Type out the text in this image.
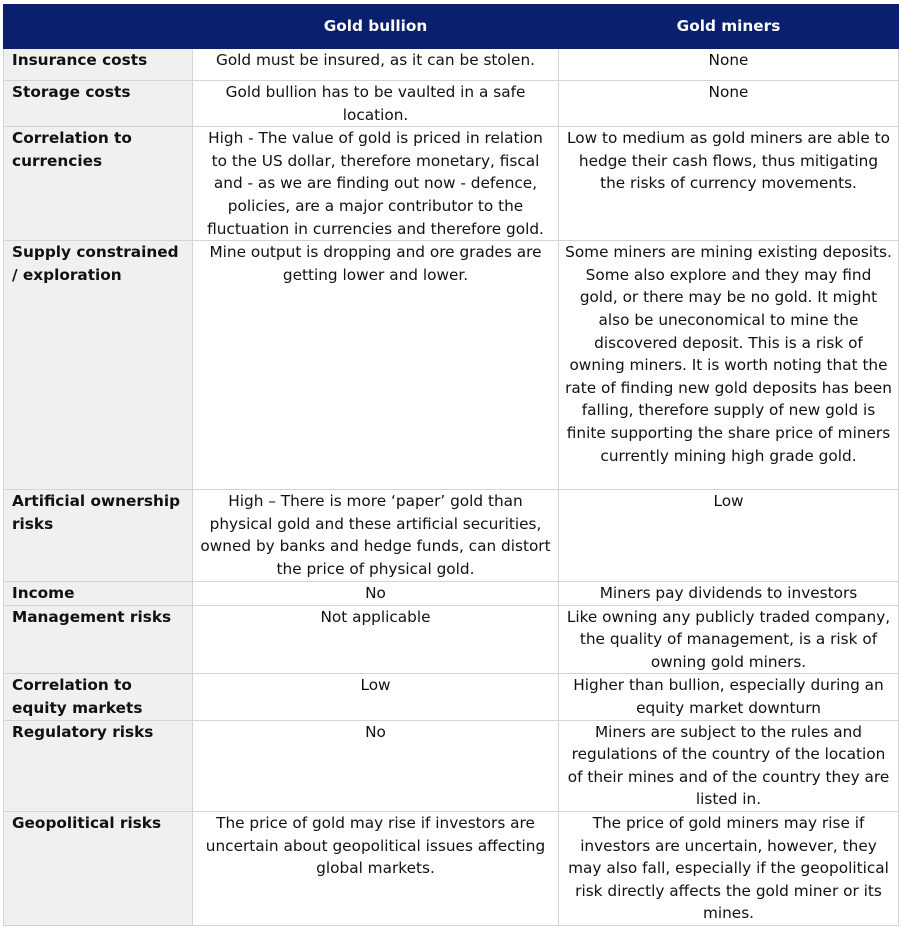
	Gold bullion	Gold miners
Insurance costs	Gold must be insured, as it can be stolen.	None
Storage costs	Gold bullion has to be vaulted in a safe location.	None
Correlation to currencies	High - The value of gold is priced in relation to the US dollar, therefore monetary, fiscal and - as we are finding out now - defence, policies, are a major contributor to the fluctuation in currencies and therefore gold.	Low to medium as gold miners are able to hedge their cash flows, thus mitigating the risks of currency movements.
Supply constrained / exploration	Mine output is dropping and ore grades are getting lower and lower.	Some miners are mining existing deposits. Some also explore and they may find gold, or there may be no gold. It might also be uneconomical to mine the discovered deposit. This is a risk of owning miners. It is worth noting that the rate of finding new gold deposits has been falling, therefore supply of new gold is finite supporting the share price of miners currently mining high grade gold.
Artificial ownership risks	High – There is more ‘paper’ gold than physical gold and these artificial securities, owned by banks and hedge funds, can distort the price of physical gold.	Low
Income	No	Miners pay dividends to investors
Management risks	Not applicable	Like owning any publicly traded company, the quality of management, is a risk of owning gold miners.
Correlation to equity markets	Low	Higher than bullion, especially during an equity market downturn
Regulatory risks	No	Miners are subject to the rules and regulations of the country of the location of their mines and of the country they are listed in.
Geopolitical risks	The price of gold may rise if investors are uncertain about geopolitical issues affecting global markets.	The price of gold miners may rise if investors are uncertain, however, they may also fall, especially if the geopolitical risk directly affects the gold miner or its mines.
